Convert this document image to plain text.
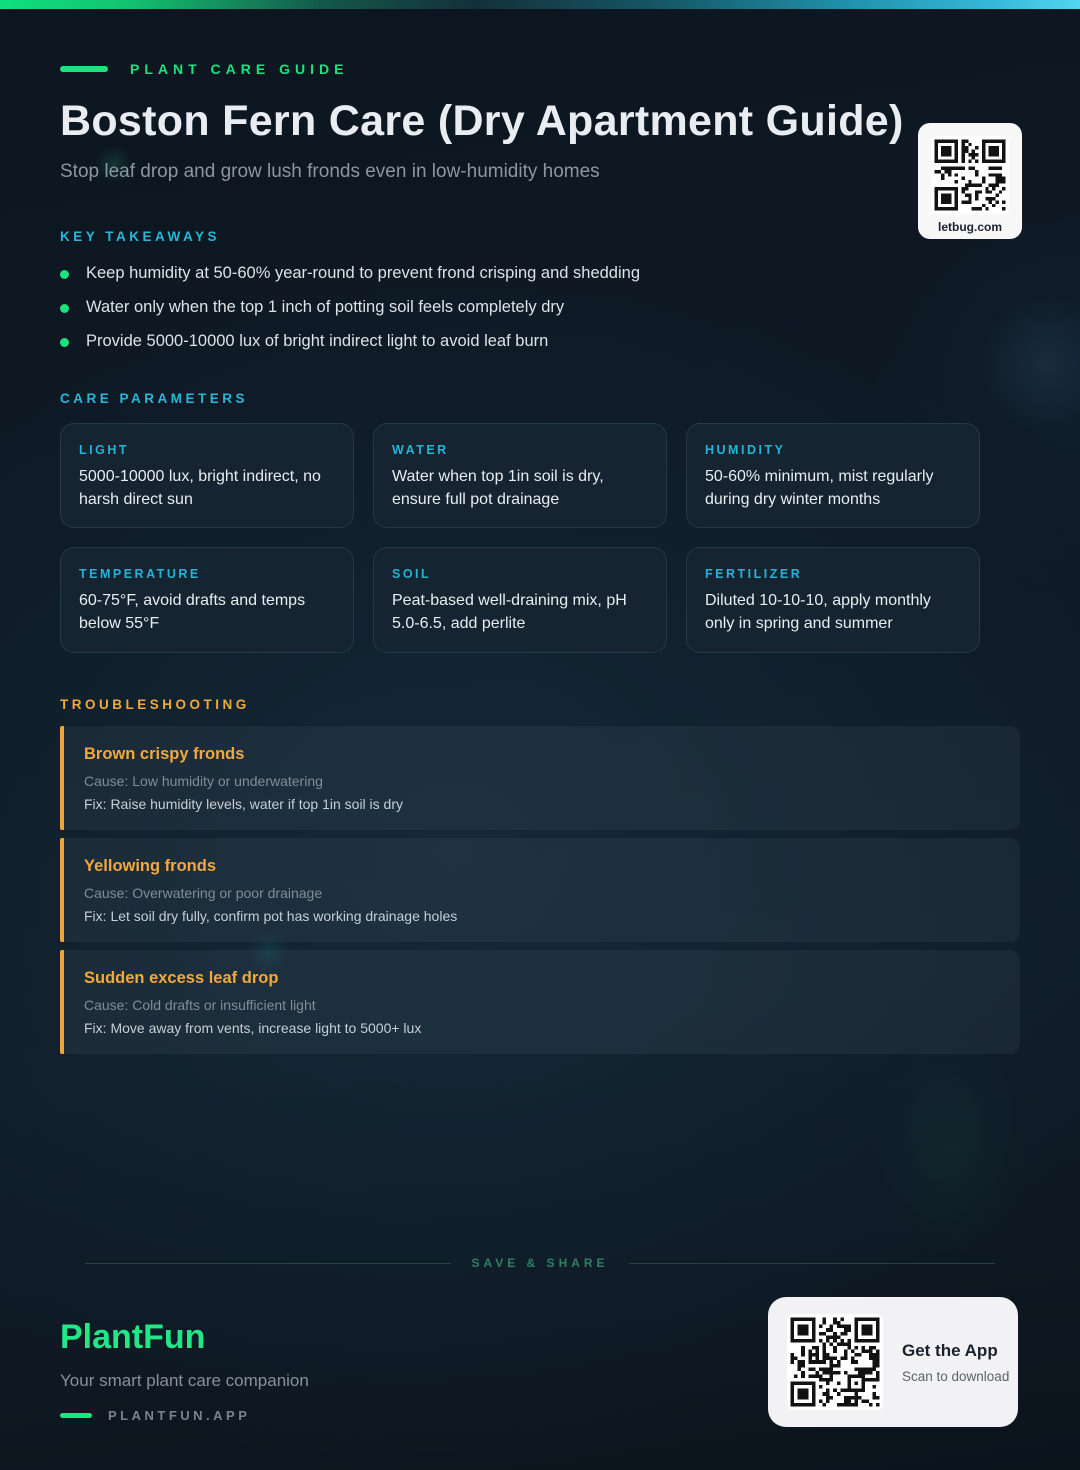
PLANT CARE GUIDE
Boston Fern Care (Dry Apartment Guide)
Stop leaf drop and grow lush fronds even in low-humidity homes
letbug.com
KEY TAKEAWAYS
Keep humidity at 50-60% year-round to prevent frond crisping and shedding
Water only when the top 1 inch of potting soil feels completely dry
Provide 5000-10000 lux of bright indirect light to avoid leaf burn
CARE PARAMETERS
LIGHT
5000-10000 lux, bright indirect, no harsh direct sun
WATER
Water when top 1in soil is dry, ensure full pot drainage
HUMIDITY
50-60% minimum, mist regularly during dry winter months
TEMPERATURE
60-75°F, avoid drafts and temps below 55°F
SOIL
Peat-based well-draining mix, pH 5.0-6.5, add perlite
FERTILIZER
Diluted 10-10-10, apply monthly only in spring and summer
TROUBLESHOOTING
Brown crispy fronds
Cause: Low humidity or underwatering
Fix: Raise humidity levels, water if top 1in soil is dry
Yellowing fronds
Cause: Overwatering or poor drainage
Fix: Let soil dry fully, confirm pot has working drainage holes
Sudden excess leaf drop
Cause: Cold drafts or insufficient light
Fix: Move away from vents, increase light to 5000+ lux
SAVE & SHARE
PlantFun
Your smart plant care companion
PLANTFUN.APP
Get the App
Scan to download
